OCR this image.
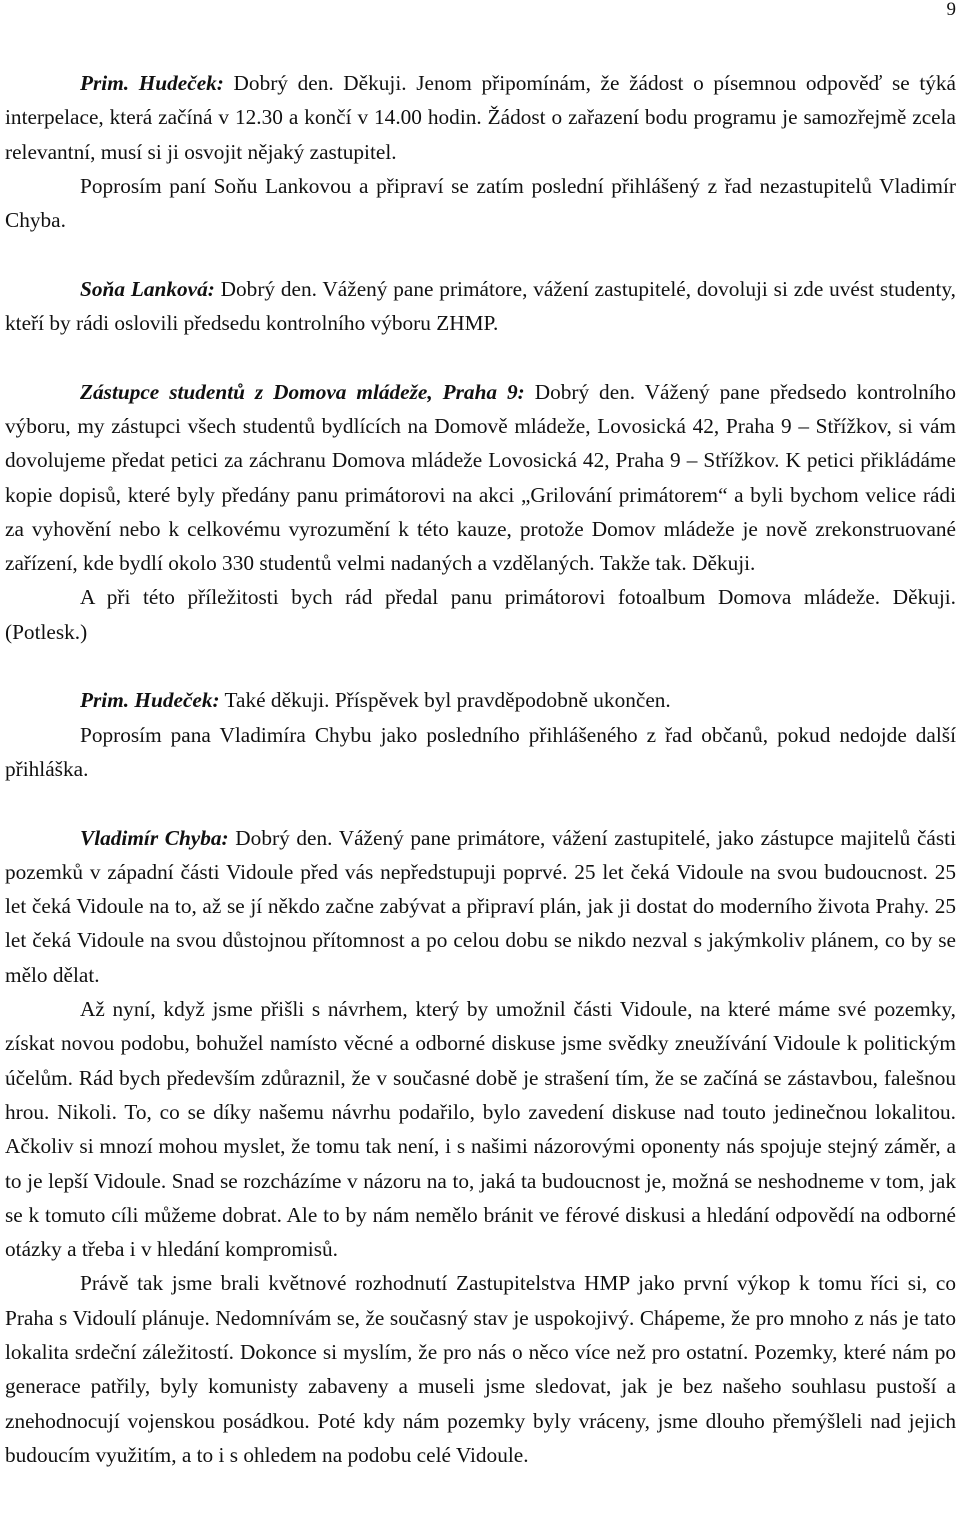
9

Prim. Hudeček: Dobrý den. Děkuji. Jenom připomínám, že žádost o písemnou odpověď se týká interpelace, která začíná v 12.30 a končí v 14.00 hodin. Žádost o zařazení bodu programu je samozřejmě zcela relevantní, musí si ji osvojit nějaký zastupitel.

Poprosím paní Soňu Lankovou a připraví se zatím poslední přihlášený z řad nezastupitelů Vladimír Chyba.

Soňa Lanková: Dobrý den. Vážený pane primátore, vážení zastupitelé, dovoluji si zde uvést studenty, kteří by rádi oslovili předsedu kontrolního výboru ZHMP.

Zástupce studentů z Domova mládeže, Praha 9: Dobrý den. Vážený pane předsedo kontrolního výboru, my zástupci všech studentů bydlících na Domově mládeže, Lovosická 42, Praha 9 – Střížkov, si vám dovolujeme předat petici za záchranu Domova mládeže Lovosická 42, Praha 9 – Střížkov. K petici přikládáme kopie dopisů, které byly předány panu primátorovi na akci „Grilování primátorem“ a byli bychom velice rádi za vyhovění nebo k celkovému vyrozumění k této kauze, protože Domov mládeže je nově zrekonstruované zařízení, kde bydlí okolo 330 studentů velmi nadaných a vzdělaných. Takže tak. Děkuji.

A při této příležitosti bych rád předal panu primátorovi fotoalbum Domova mládeže. Děkuji. (Potlesk.)

Prim. Hudeček: Také děkuji. Příspěvek byl pravděpodobně ukončen.

Poprosím pana Vladimíra Chybu jako posledního přihlášeného z řad občanů, pokud nedojde další přihláška.

Vladimír Chyba: Dobrý den. Vážený pane primátore, vážení zastupitelé, jako zástupce majitelů části pozemků v západní části Vidoule před vás nepředstupuji poprvé. 25 let čeká Vidoule na svou budoucnost. 25 let čeká Vidoule na to, až se jí někdo začne zabývat a připraví plán, jak ji dostat do moderního života Prahy. 25 let čeká Vidoule na svou důstojnou přítomnost a po celou dobu se nikdo nezval s jakýmkoliv plánem, co by se mělo dělat.

Až nyní, když jsme přišli s návrhem, který by umožnil části Vidoule, na které máme své pozemky, získat novou podobu, bohužel namísto věcné a odborné diskuse jsme svědky zneužívání Vidoule k politickým účelům. Rád bych především zdůraznil, že v současné době je strašení tím, že se začíná se zástavbou, falešnou hrou. Nikoli. To, co se díky našemu návrhu podařilo, bylo zavedení diskuse nad touto jedinečnou lokalitou. Ačkoliv si mnozí mohou myslet, že tomu tak není, i s našimi názorovými oponenty nás spojuje stejný záměr, a to je lepší Vidoule. Snad se rozcházíme v názoru na to, jaká ta budoucnost je, možná se neshodneme v tom, jak se k tomuto cíli můžeme dobrat. Ale to by nám nemělo bránit ve férové diskusi a hledání odpovědí na odborné otázky a třeba i v hledání kompromisů.

Právě tak jsme brali květnové rozhodnutí Zastupitelstva HMP jako první výkop k tomu říci si, co Praha s Vidoulí plánuje. Nedomnívám se, že současný stav je uspokojivý. Chápeme, že pro mnoho z nás je tato lokalita srdeční záležitostí. Dokonce si myslím, že pro nás o něco více než pro ostatní. Pozemky, které nám po generace patřily, byly komunisty zabaveny a museli jsme sledovat, jak je bez našeho souhlasu pustoší a znehodnocují vojenskou posádkou. Poté kdy nám pozemky byly vráceny, jsme dlouho přemýšleli nad jejich budoucím využitím, a to i s ohledem na podobu celé Vidoule.
